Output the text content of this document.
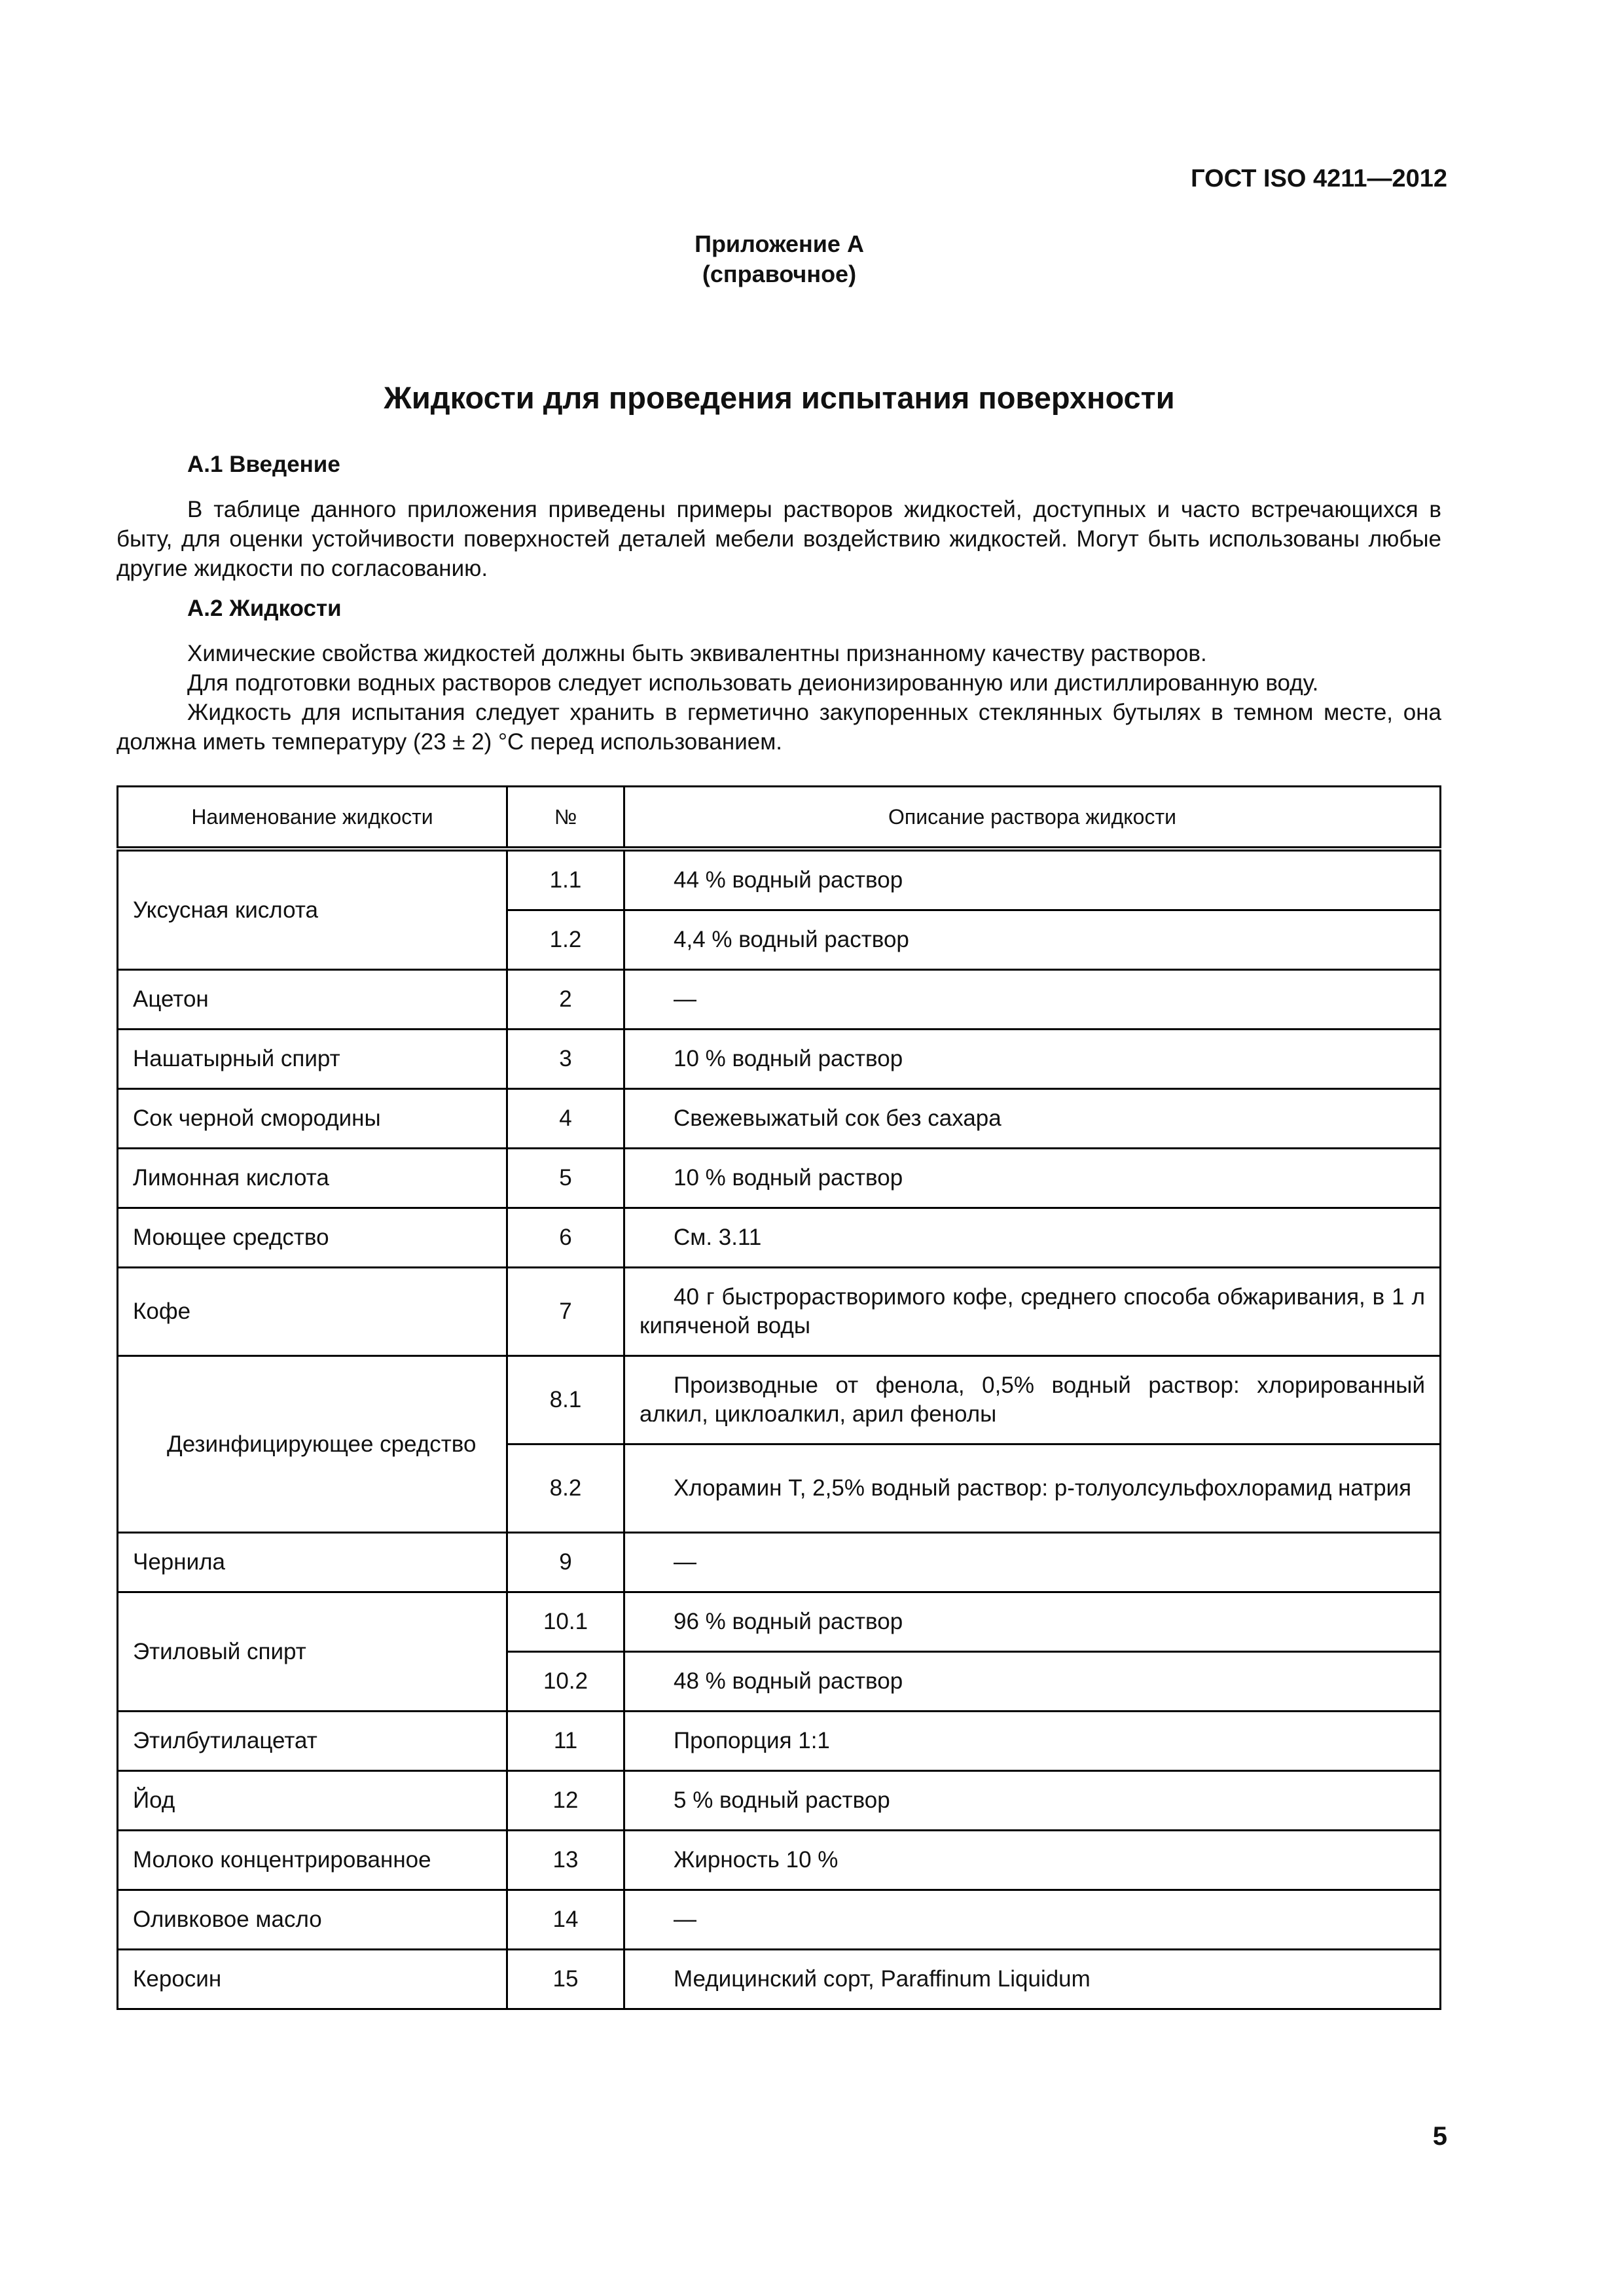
ГОСТ ISO 4211—2012
Приложение А
(справочное)
Жидкости для проведения испытания поверхности
А.1 Введение
В таблице данного приложения приведены примеры растворов жидкостей, доступных и часто встречающихся в быту, для оценки устойчивости поверхностей деталей мебели воздействию жидкостей. Могут быть использованы любые другие жидкости по согласованию.
А.2 Жидкости
Химические свойства жидкостей должны быть эквивалентны признанному качеству растворов.
Для подготовки водных растворов следует использовать деионизированную или дистиллированную воду.
Жидкость для испытания следует хранить в герметично закупоренных стеклянных бутылях в темном месте, она должна иметь температуру (23 ± 2) °С перед использованием.
Наименование жидкости	№	Описание раствора жидкости
Уксусная кислота	1.1	44 % водный раствор
	1.2	4,4 % водный раствор
Ацетон	2	—
Нашатырный спирт	3	10 % водный раствор
Сок черной смородины	4	Свежевыжатый сок без сахара
Лимонная кислота	5	10 % водный раствор
Моющее средство	6	См. 3.11
Кофе	7	40 г быстрорастворимого кофе, среднего способа обжаривания, в 1 л кипяченой воды
Дезинфицирующее средство	8.1	Производные от фенола, 0,5% водный раствор: хлорированный алкил, циклоалкил, арил фенолы
	8.2	Хлорамин Т, 2,5% водный раствор: р-толуолсульфохлорамид натрия
Чернила	9	—
Этиловый спирт	10.1	96 % водный раствор
	10.2	48 % водный раствор
Этилбутилацетат	11	Пропорция 1:1
Йод	12	5 % водный раствор
Молоко концентрированное	13	Жирность 10 %
Оливковое масло	14	—
Керосин	15	Медицинский сорт, Paraffinum Liquidum
5
